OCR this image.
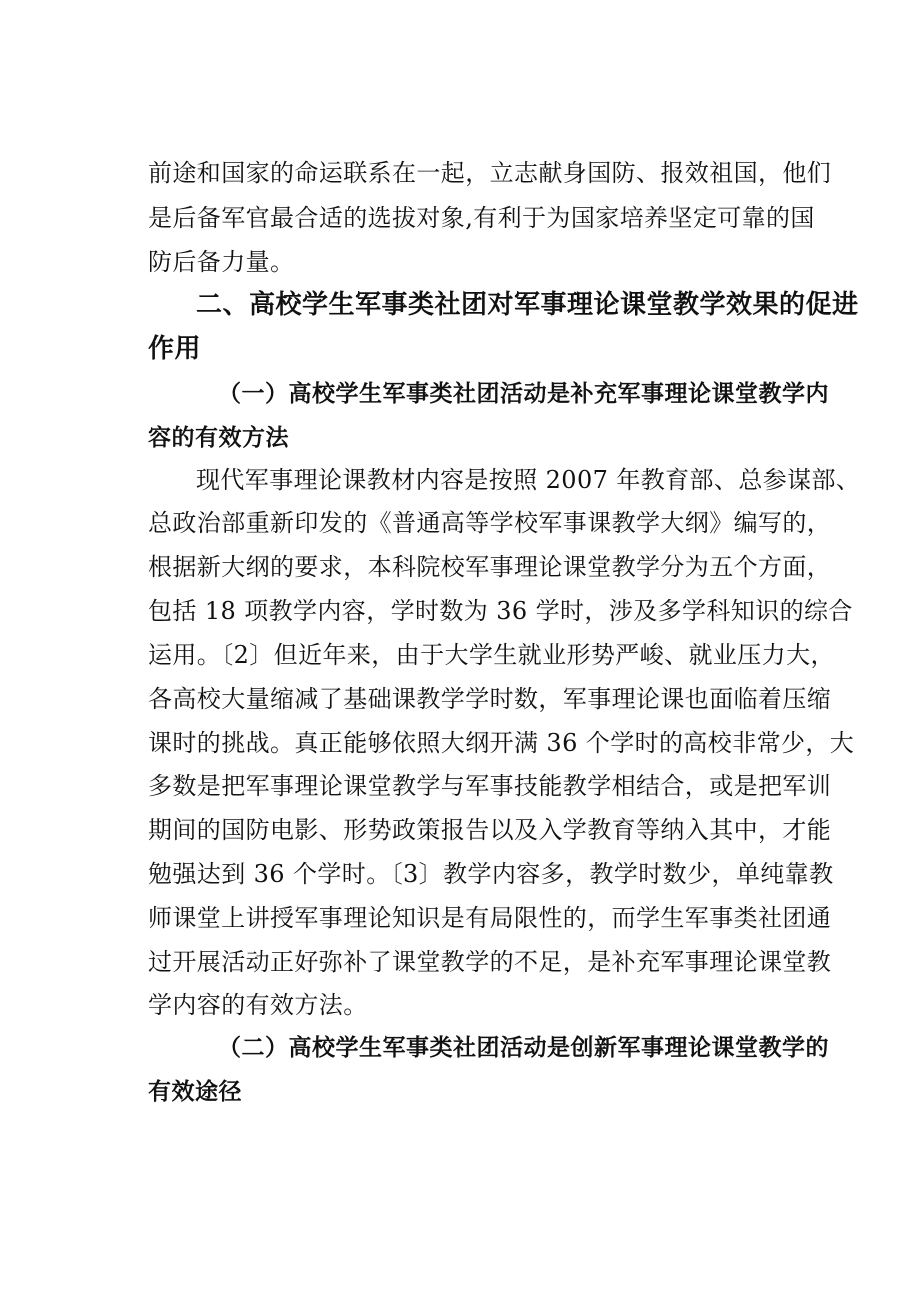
前途和国家的命运联系在一起，立志献身国防、报效祖国，他们
是后备军官最合适的选拔对象,有利于为国家培养坚定可靠的国
防后备力量。
二、高校学生军事类社团对军事理论课堂教学效果的促进
作用
（一）高校学生军事类社团活动是补充军事理论课堂教学内
容的有效方法
现代军事理论课教材内容是按照 2007 年教育部、总参谋部、
总政治部重新印发的《普通高等学校军事课教学大纲》编写的，
根据新大纲的要求，本科院校军事理论课堂教学分为五个方面，
包括 18 项教学内容，学时数为 36 学时，涉及多学科知识的综合
运用。〔2〕但近年来，由于大学生就业形势严峻、就业压力大，
各高校大量缩减了基础课教学学时数，军事理论课也面临着压缩
课时的挑战。真正能够依照大纲开满 36 个学时的高校非常少，大
多数是把军事理论课堂教学与军事技能教学相结合，或是把军训
期间的国防电影、形势政策报告以及入学教育等纳入其中，才能
勉强达到 36 个学时。〔3〕教学内容多，教学时数少，单纯靠教
师课堂上讲授军事理论知识是有局限性的，而学生军事类社团通
过开展活动正好弥补了课堂教学的不足，是补充军事理论课堂教
学内容的有效方法。
（二）高校学生军事类社团活动是创新军事理论课堂教学的
有效途径
